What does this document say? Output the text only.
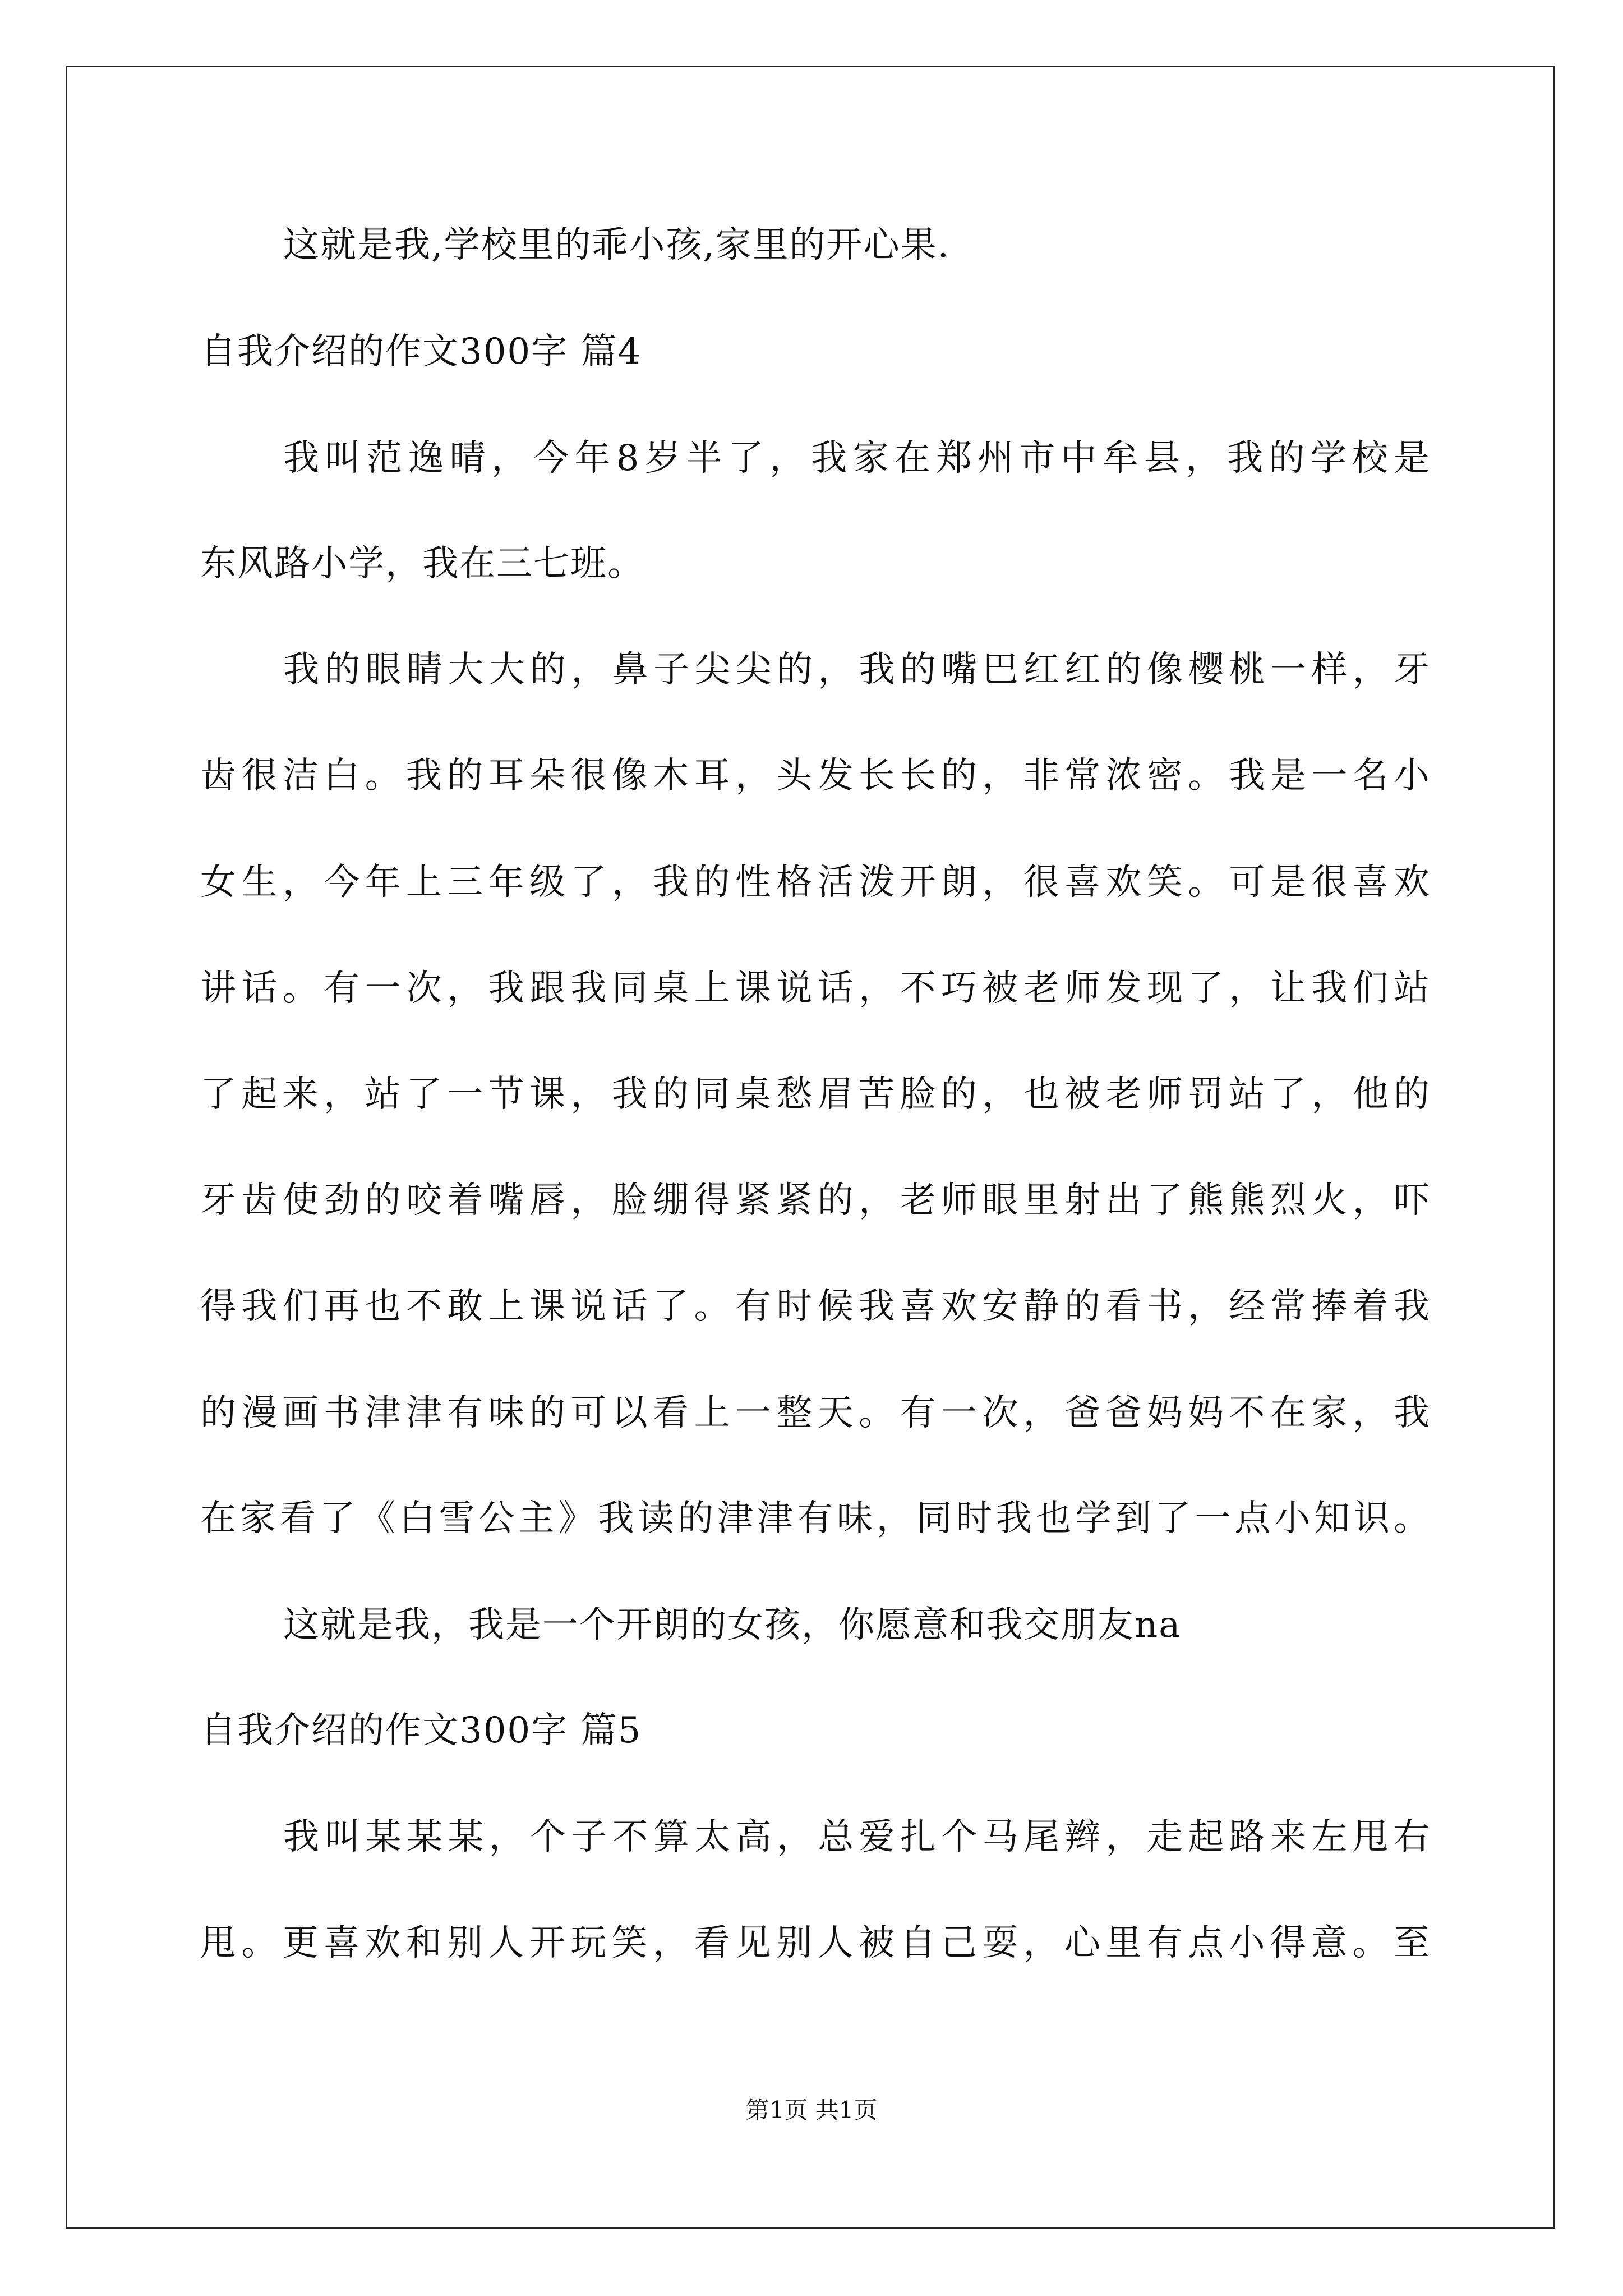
这就是我,学校里的乖小孩,家里的开心果.
自我介绍的作文300字 篇4
我叫范逸晴，今年8岁半了，我家在郑州市中牟县，我的学校是
东风路小学，我在三七班。
我的眼睛大大的，鼻子尖尖的，我的嘴巴红红的像樱桃一样，牙
齿很洁白。我的耳朵很像木耳，头发长长的，非常浓密。我是一名小
女生，今年上三年级了，我的性格活泼开朗，很喜欢笑。可是很喜欢
讲话。有一次，我跟我同桌上课说话，不巧被老师发现了，让我们站
了起来，站了一节课，我的同桌愁眉苦脸的，也被老师罚站了，他的
牙齿使劲的咬着嘴唇，脸绷得紧紧的，老师眼里射出了熊熊烈火，吓
得我们再也不敢上课说话了。有时候我喜欢安静的看书，经常捧着我
的漫画书津津有味的可以看上一整天。有一次，爸爸妈妈不在家，我
在家看了《白雪公主》我读的津津有味，同时我也学到了一点小知识。
这就是我，我是一个开朗的女孩，你愿意和我交朋友na
自我介绍的作文300字 篇5
我叫某某某，个子不算太高，总爱扎个马尾辫，走起路来左甩右
甩。更喜欢和别人开玩笑，看见别人被自己耍，心里有点小得意。至
第1页 共1页
